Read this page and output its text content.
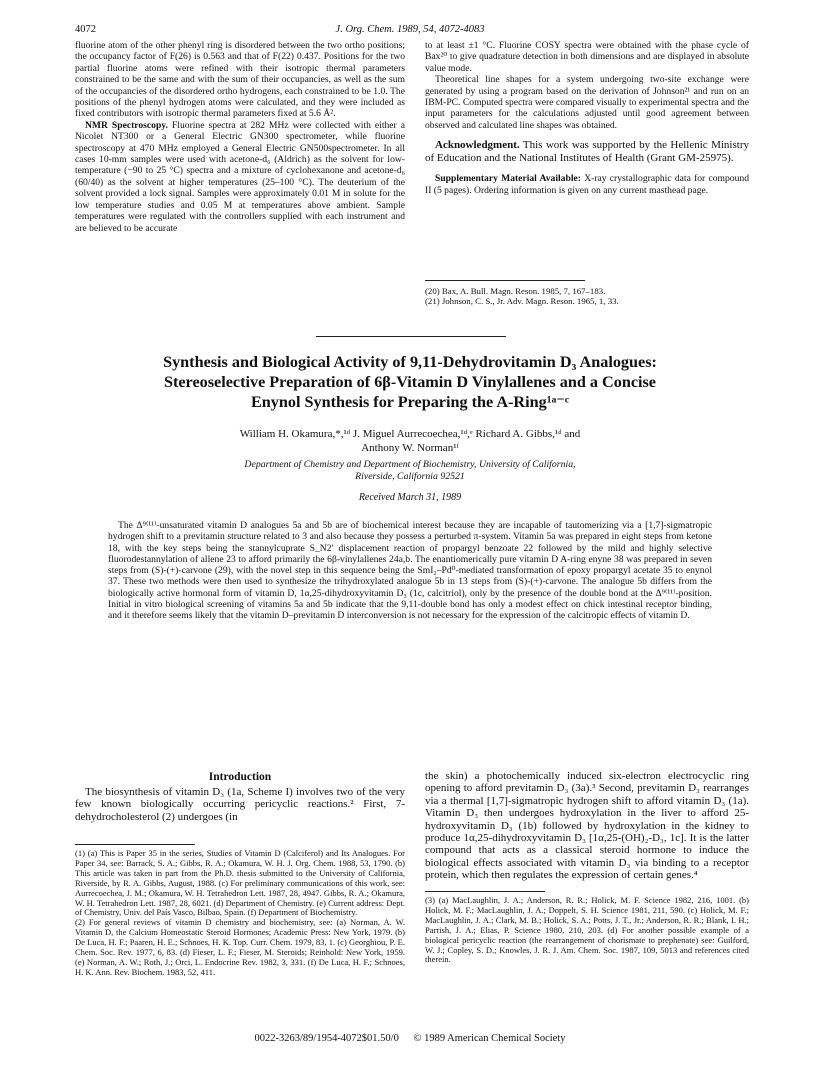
4072	J. Org. Chem. 1989, 54, 4072-4083

fluorine atom of the other phenyl ring is disordered between the two ortho positions; the occupancy factor of F(26) is 0.563 and that of F(22) 0.437. Positions for the two partial fluorine atoms were refined with their isotropic thermal parameters constrained to be the same and with the sum of their occupancies, as well as the sum of the occupancies of the disordered ortho hydrogens, each constrained to be 1.0. The positions of the phenyl hydrogen atoms were calculated, and they were included as fixed contributors with isotropic thermal parameters fixed at 5.6 Å².

NMR Spectroscopy. Fluorine spectra at 282 MHz were collected with either a Nicolet NT300 or a General Electric GN300 spectrometer, while fluorine spectroscopy at 470 MHz employed a General Electric GN500spectrometer. In all cases 10-mm samples were used with acetone-d₆ (Aldrich) as the solvent for low-temperature (−90 to 25 °C) spectra and a mixture of cyclohexanone and acetone-d₆ (60/40) as the solvent at higher temperatures (25–100 °C). The deuterium of the solvent provided a lock signal. Samples were approximately 0.01 M in solute for the low temperature studies and 0.05 M at temperatures above ambient. Sample temperatures were regulated with the controllers supplied with each instrument and are believed to be accurate

to at least ±1 °C. Fluorine COSY spectra were obtained with the phase cycle of Bax²⁰ to give quadrature detection in both dimensions and are displayed in absolute value mode.

Theoretical line shapes for a system undergoing two-site exchange were generated by using a program based on the derivation of Johnson²¹ and run on an IBM-PC. Computed spectra were compared visually to experimental spectra and the input parameters for the calculations adjusted until good agreement between observed and calculated line shapes was obtained.

Acknowledgment. This work was supported by the Hellenic Ministry of Education and the National Institutes of Health (Grant GM-25975).

Supplementary Material Available: X-ray crystallographic data for compound II (5 pages). Ordering information is given on any current masthead page.

(20) Bax, A. Bull. Magn. Reson. 1985, 7, 167–183.
(21) Johnson, C. S., Jr. Adv. Magn. Reson. 1965, 1, 33.
Synthesis and Biological Activity of 9,11-Dehydrovitamin D₃ Analogues:
Stereoselective Preparation of 6β-Vitamin D Vinylallenes and a Concise
Enynol Synthesis for Preparing the A-Ring¹ᵃ⁻ᶜ
William H. Okamura,*,¹ᵈ J. Miguel Aurrecoechea,¹ᵈ,ᵉ Richard A. Gibbs,¹ᵈ and
Anthony W. Norman¹ᶠ
Department of Chemistry and Department of Biochemistry, University of California,
Riverside, California 92521
Received March 31, 1989

The Δ⁹⁽¹¹⁾-unsaturated vitamin D analogues 5a and 5b are of biochemical interest because they are incapable of tautomerizing via a [1,7]-sigmatropic hydrogen shift to a previtamin structure related to 3 and also because they possess a perturbed π-system. Vitamin 5a was prepared in eight steps from ketone 18, with the key steps being the stannylcuprate S_N2′ displacement reaction of propargyl benzoate 22 followed by the mild and highly selective fluorodestannylation of allene 23 to afford primarily the 6β-vinylallenes 24a,b. The enantiomerically pure vitamin D A-ring enyne 38 was prepared in seven steps from (S)-(+)-carvone (29), with the novel step in this sequence being the SmI₂–Pd⁰-mediated transformation of epoxy propargyl acetate 35 to enynol 37. These two methods were then used to synthesize the trihydroxylated analogue 5b in 13 steps from (S)-(+)-carvone. The analogue 5b differs from the biologically active hormonal form of vitamin D, 1α,25-dihydroxyvitamin D₃ (1c, calcitriol), only by the presence of the double bond at the Δ⁹⁽¹¹⁾-position. Initial in vitro biological screening of vitamins 5a and 5b indicate that the 9,11-double bond has only a modest effect on chick intestinal receptor binding, and it therefore seems likely that the vitamin D–previtamin D interconversion is not necessary for the expression of the calcitropic effects of vitamin D.

Introduction

The biosynthesis of vitamin D₃ (1a, Scheme I) involves two of the very few known biologically occurring pericyclic reactions.² First, 7-dehydrocholesterol (2) undergoes (in

the skin) a photochemically induced six-electron electrocyclic ring opening to afford previtamin D₃ (3a).³ Second, previtamin D₃ rearranges via a thermal [1,7]-sigmatropic hydrogen shift to afford vitamin D₃ (1a). Vitamin D₃ then undergoes hydroxylation in the liver to afford 25-hydroxyvitamin D₃ (1b) followed by hydroxylation in the kidney to produce 1α,25-dihydroxyvitamin D₃ [1α,25-(OH)₂-D₃, 1c]. It is the latter compound that acts as a classical steroid hormone to induce the biological effects associated with vitamin D₃ via binding to a receptor protein, which then regulates the expression of certain genes.⁴

(1) (a) This is Paper 35 in the series, Studies of Vitamin D (Calciferol) and Its Analogues. For Paper 34, see: Barrack, S. A.; Gibbs, R. A.; Okamura, W. H. J. Org. Chem. 1988, 53, 1790. (b) This article was taken in part from the Ph.D. thesis submitted to the University of California, Riverside, by R. A. Gibbs, August, 1988. (c) For preliminary communications of this work, see: Aurrecoechea, J. M.; Okamura, W. H. Tetrahedron Lett. 1987, 28, 4947. Gibbs, R. A.; Okamura, W. H. Tetrahedron Lett. 1987, 28, 6021. (d) Department of Chemistry. (e) Current address: Dept. of Chemistry, Univ. del País Vasco, Bilbao, Spain. (f) Department of Biochemistry.

(2) For general reviews of vitamin D chemistry and biochemistry, see: (a) Norman, A. W. Vitamin D, the Calcium Homeostatic Steroid Hormones; Academic Press: New York, 1979. (b) De Luca, H. F.; Paaren, H. E.; Schnoes, H. K. Top. Curr. Chem. 1979, 83, 1. (c) Georghiou, P. E. Chem. Soc. Rev. 1977, 6, 83. (d) Fieser, L. F.; Fieser, M. Steroids; Reinhold: New York, 1959. (e) Norman, A. W.; Roth, J.; Orci, L. Endocrine Rev. 1982, 3, 331. (f) De Luca, H. F.; Schnoes, H. K. Ann. Rev. Biochem. 1983, 52, 411.

(3) (a) MacLaughlin, J. A.; Anderson, R. R.; Holick, M. F. Science 1982, 216, 1001. (b) Holick, M. F.; MacLaughlin, J. A.; Doppelt, S. H. Science 1981, 211, 590. (c) Holick, M. F.; MacLaughlin, J. A.; Clark, M. B.; Holick, S. A.; Potts, J. T., Jr.; Anderson, R. R.; Blank, I. H.; Parrish, J. A.; Elias, P. Science 1980, 210, 203. (d) For another possible example of a biological pericyclic reaction (the rearrangement of chorismate to prephenate) see: Guilford, W. J.; Copley, S. D.; Knowles, J. R. J. Am. Chem. Soc. 1987, 109, 5013 and references cited therein.

0022-3263/89/1954-4072$01.50/0 © 1989 American Chemical Society
